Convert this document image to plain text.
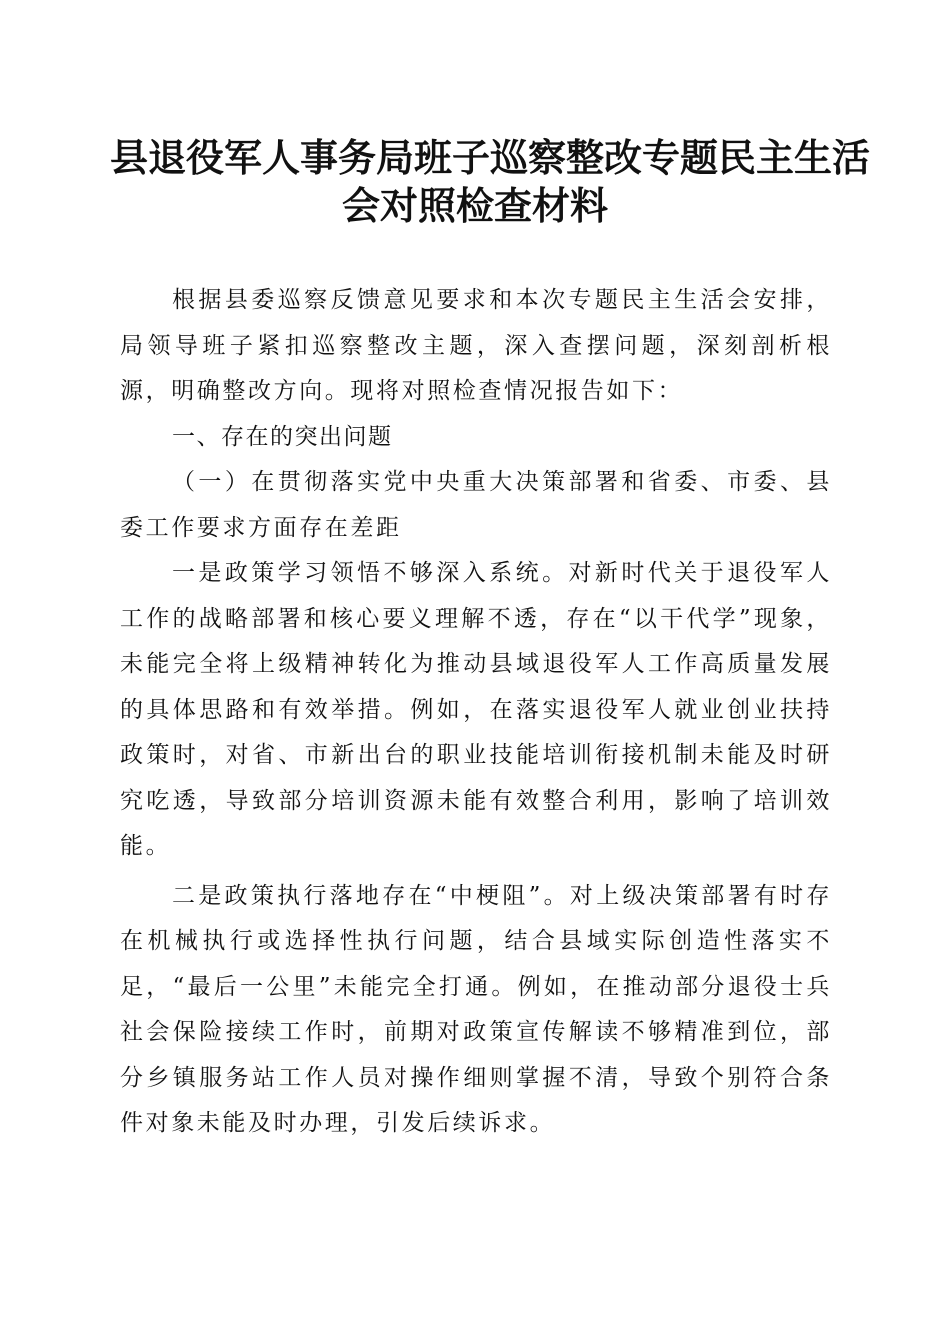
县退役军人事务局班子巡察整改专题民主生活
会对照检查材料

根据县委巡察反馈意见要求和本次专题民主生活会安排，局领导班子紧扣巡察整改主题，深入查摆问题，深刻剖析根源，明确整改方向。现将对照检查情况报告如下：

一、存在的突出问题

（一）在贯彻落实党中央重大决策部署和省委、市委、县委工作要求方面存在差距

一是政策学习领悟不够深入系统。对新时代关于退役军人工作的战略部署和核心要义理解不透，存在“以干代学”现象，未能完全将上级精神转化为推动县域退役军人工作高质量发展的具体思路和有效举措。例如，在落实退役军人就业创业扶持政策时，对省、市新出台的职业技能培训衔接机制未能及时研究吃透，导致部分培训资源未能有效整合利用，影响了培训效能。

二是政策执行落地存在“中梗阻”。对上级决策部署有时存在机械执行或选择性执行问题，结合县域实际创造性落实不足，“最后一公里”未能完全打通。例如，在推动部分退役士兵社会保险接续工作时，前期对政策宣传解读不够精准到位，部分乡镇服务站工作人员对操作细则掌握不清，导致个别符合条件对象未能及时办理，引发后续诉求。
